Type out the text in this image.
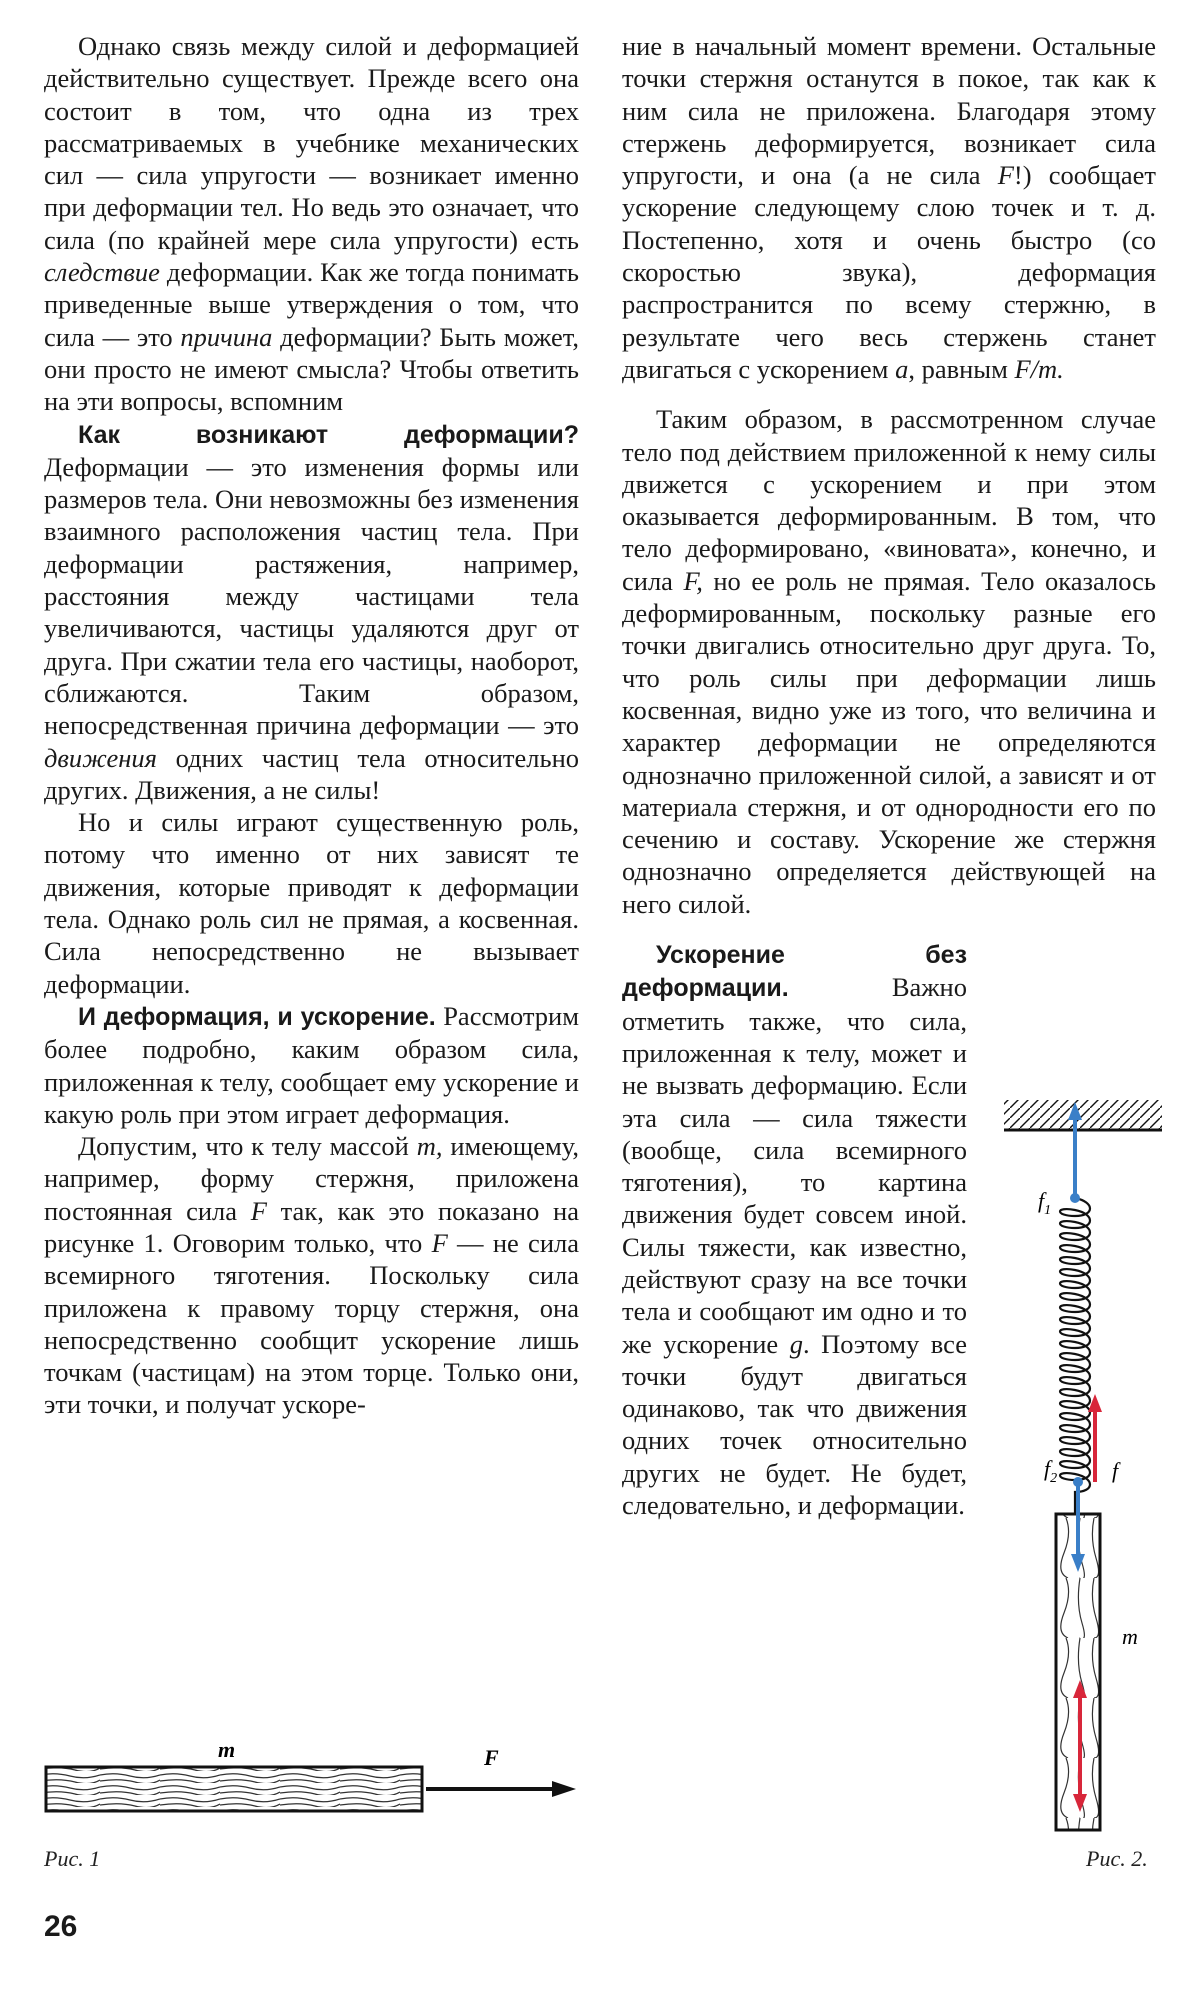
Однако связь между силой и деформацией действительно существует. Прежде всего она состоит в том, что одна из трех рассматриваемых в учебнике механических сил — сила упругости — возникает именно при деформации тел. Но ведь это означает, что сила (по крайней мере сила упругости) есть следствие деформации. Как же тогда понимать приведенные выше утверждения о том, что сила — это причина деформации? Быть может, они просто не имеют смысла? Чтобы ответить на эти вопросы, вспомним

Как возникают деформации? Деформации — это изменения формы или размеров тела. Они невозможны без изменения взаимного расположения частиц тела. При деформации растяжения, например, расстояния между частицами тела увеличиваются, частицы удаляются друг от друга. При сжатии тела его частицы, наоборот, сближаются. Таким образом, непосредственная причина деформации — это движения одних частиц тела относительно других. Движения, а не силы!

Но и силы играют существенную роль, потому что именно от них зависят те движения, которые приводят к деформации тела. Однако роль сил не прямая, а косвенная. Сила непосредственно не вызывает деформации.

И деформация, и ускорение. Рассмотрим более подробно, каким образом сила, приложенная к телу, сообщает ему ускорение и какую роль при этом играет деформация.

Допустим, что к телу массой m, имеющему, например, форму стержня, приложена постоянная сила F так, как это показано на рисунке 1. Оговорим только, что F — не сила всемирного тяготения. Поскольку сила приложена к правому торцу стержня, она непосредственно сообщит ускорение лишь точкам (частицам) на этом торце. Только они, эти точки, и получат ускоре-

ние в начальный момент времени. Остальные точки стержня останутся в покое, так как к ним сила не приложена. Благодаря этому стержень деформируется, возникает сила упругости, и она (а не сила F!) сообщает ускорение следующему слою точек и т. д. Постепенно, хотя и очень быстро (со скоростью звука), деформация распространится по всему стержню, в результате чего весь стержень станет двигаться с ускорением a, равным F/m.

Таким образом, в рассмотренном случае тело под действием приложенной к нему силы движется с ускорением и при этом оказывается деформированным. В том, что тело деформировано, «виновата», конечно, и сила F, но ее роль не прямая. Тело оказалось деформированным, поскольку разные его точки двигались относительно друг друга. То, что роль силы при деформации лишь косвенная, видно уже из того, что величина и характер деформации не определяются однозначно приложенной силой, а зависят и от материала стержня, и от однородности его по сечению и составу. Ускорение же стержня однозначно определяется действующей на него силой.

Ускорение без деформации. Важно отметить также, что сила, приложенная к телу, может и не вызвать деформацию. Если эта сила — сила тяжести (вообще, сила всемирного тяготения), то картина движения будет совсем иной. Силы тяжести, как известно, действуют сразу на все точки тела и сообщают им одно и то же ускорение g. Поэтому все точки будут двигаться одинаково, так что движения одних точек относительно других не будет. Не будет, следовательно, и деформации.

m	F
Рис. 1
$f_1$
f
$f_2$
m
Рис. 2.
26
